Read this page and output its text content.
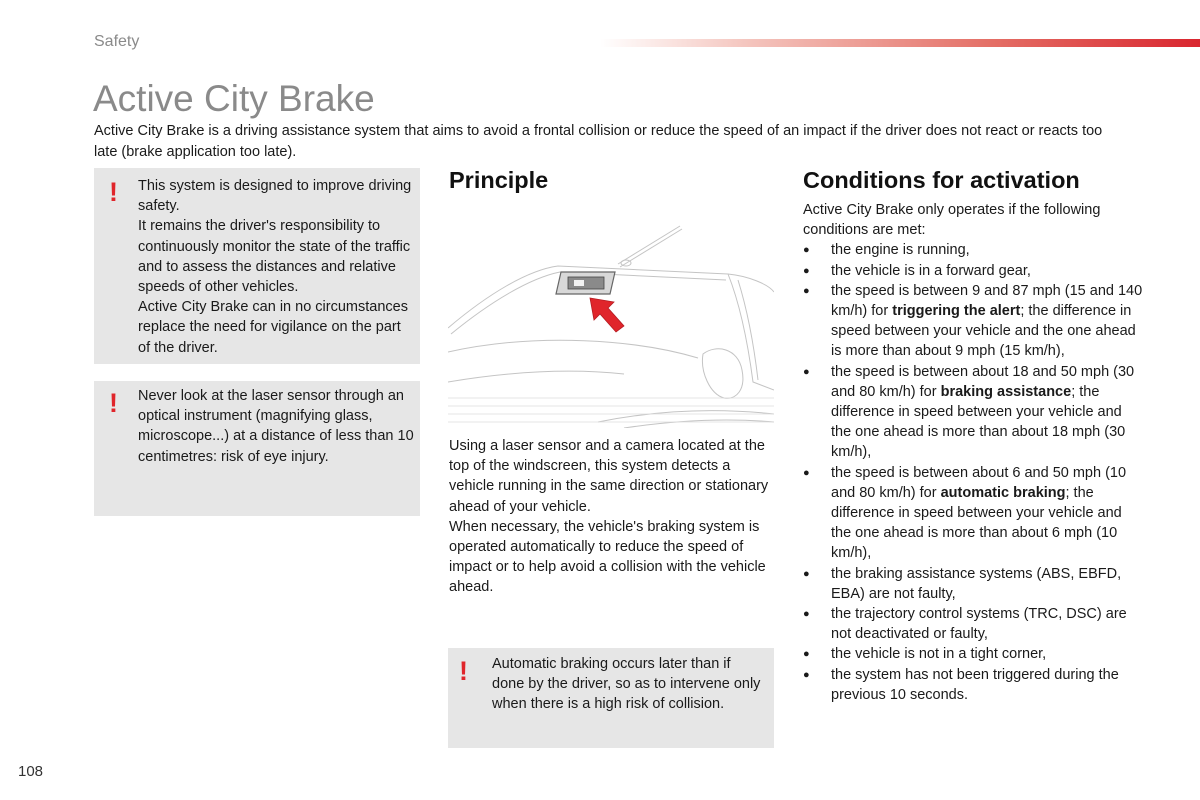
Safety
Active City Brake

Active City Brake is a driving assistance system that aims to avoid a frontal collision or reduce the speed of an impact if the driver does not react or reacts too late (brake application too late).

! This system is designed to improve driving safety.

It remains the driver's responsibility to continuously monitor the state of the traffic and to assess the distances and relative speeds of other vehicles.

Active City Brake can in no circumstances replace the need for vigilance on the part of the driver.

! Never look at the laser sensor through an optical instrument (magnifying glass, microscope...) at a distance of less than 10 centimetres: risk of eye injury.

Principle

Using a laser sensor and a camera located at the top of the windscreen, this system detects a vehicle running in the same direction or stationary ahead of your vehicle.

When necessary, the vehicle's braking system is operated automatically to reduce the speed of impact or to help avoid a collision with the vehicle ahead.

! Automatic braking occurs later than if done by the driver, so as to intervene only when there is a high risk of collision.

Conditions for activation

Active City Brake only operates if the following conditions are met:

● the engine is running,
● the vehicle is in a forward gear,
● the speed is between 9 and 87 mph (15 and 140 km/h) for triggering the alert; the difference in speed between your vehicle and the one ahead is more than about 9 mph (15 km/h),
● the speed is between about 18 and 50 mph (30 and 80 km/h) for braking assistance; the difference in speed between your vehicle and the one ahead is more than about 18 mph (30 km/h),
● the speed is between about 6 and 50 mph (10 and 80 km/h) for automatic braking; the difference in speed between your vehicle and the one ahead is more than about 6 mph (10 km/h),
● the braking assistance systems (ABS, EBFD, EBA) are not faulty,
● the trajectory control systems (TRC, DSC) are not deactivated or faulty,
● the vehicle is not in a tight corner,
● the system has not been triggered during the previous 10 seconds.
108
